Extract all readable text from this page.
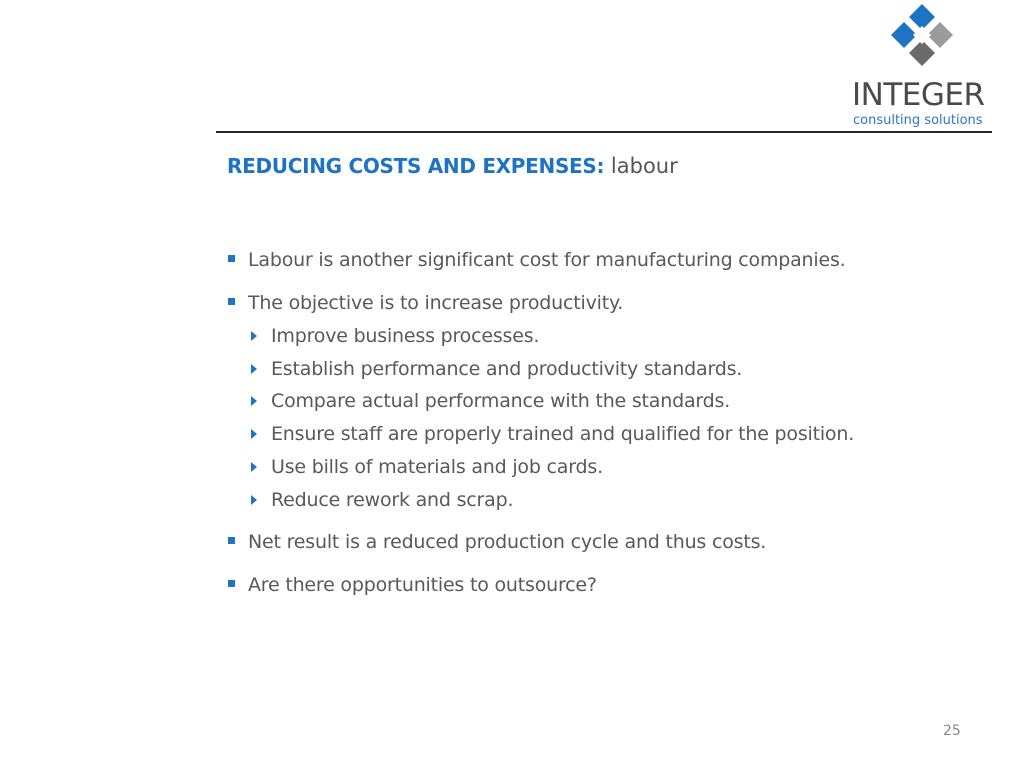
INTEGER
consulting solutions
REDUCING COSTS AND EXPENSES: labour
Labour is another significant cost for manufacturing companies.
The objective is to increase productivity.
Improve business processes.
Establish performance and productivity standards.
Compare actual performance with the standards.
Ensure staff are properly trained and qualified for the position.
Use bills of materials and job cards.
Reduce rework and scrap.
Net result is a reduced production cycle and thus costs.
Are there opportunities to outsource?
25
